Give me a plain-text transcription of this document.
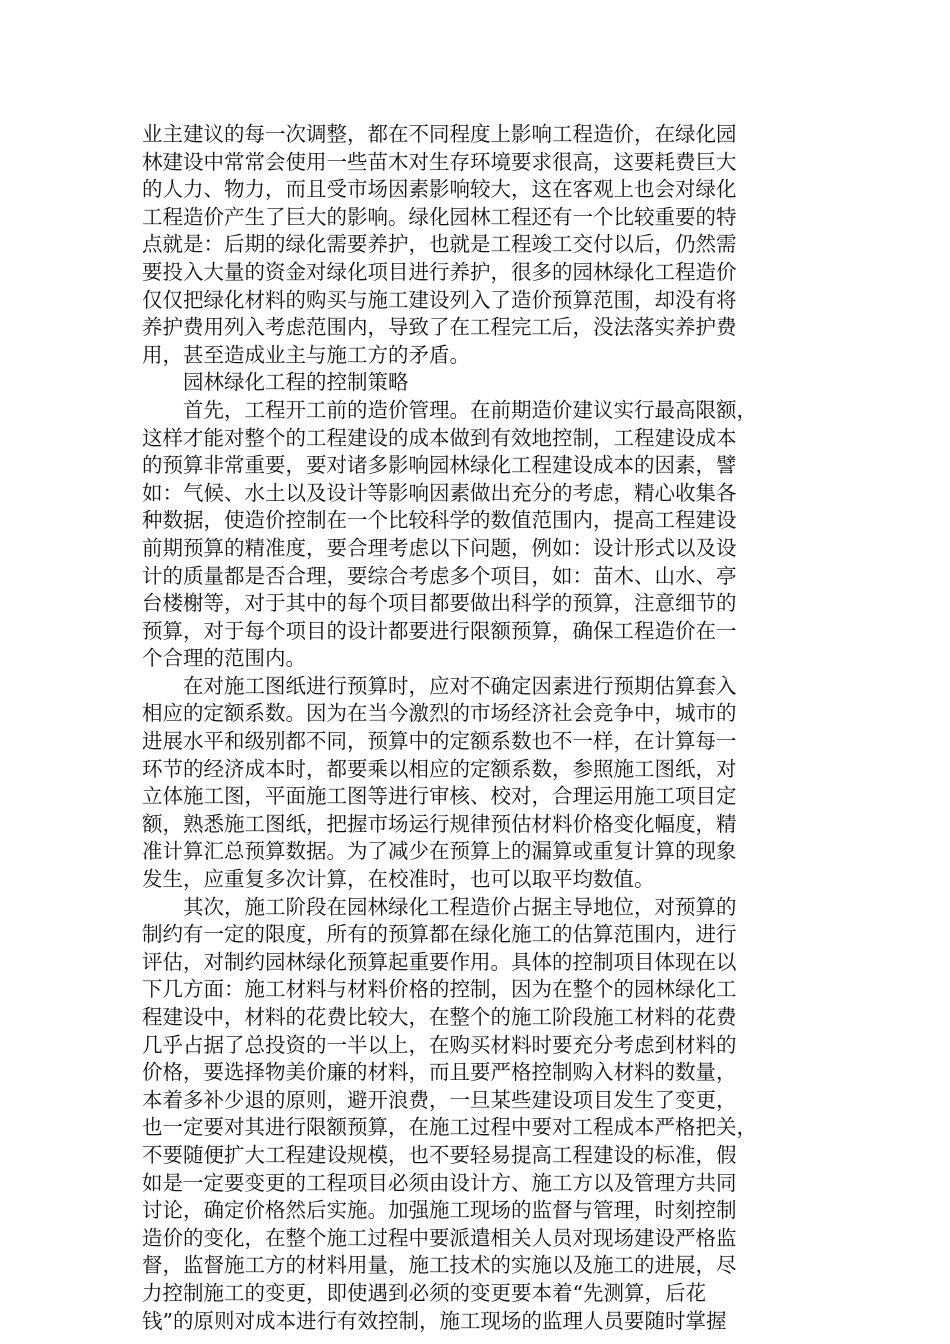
业主建议的每一次调整，都在不同程度上影响工程造价，在绿化园
林建设中常常会使用一些苗木对生存环境要求很高，这要耗费巨大
的人力、物力，而且受市场因素影响较大，这在客观上也会对绿化
工程造价产生了巨大的影响。绿化园林工程还有一个比较重要的特
点就是：后期的绿化需要养护，也就是工程竣工交付以后，仍然需
要投入大量的资金对绿化项目进行养护，很多的园林绿化工程造价
仅仅把绿化材料的购买与施工建设列入了造价预算范围，却没有将
养护费用列入考虑范围内，导致了在工程完工后，没法落实养护费
用，甚至造成业主与施工方的矛盾。
园林绿化工程的控制策略
首先，工程开工前的造价管理。在前期造价建议实行最高限额，
这样才能对整个的工程建设的成本做到有效地控制，工程建设成本
的预算非常重要，要对诸多影响园林绿化工程建设成本的因素，譬
如：气候、水土以及设计等影响因素做出充分的考虑，精心收集各
种数据，使造价控制在一个比较科学的数值范围内，提高工程建设
前期预算的精准度，要合理考虑以下问题，例如：设计形式以及设
计的质量都是否合理，要综合考虑多个项目，如：苗木、山水、亭
台楼榭等，对于其中的每个项目都要做出科学的预算，注意细节的
预算，对于每个项目的设计都要进行限额预算，确保工程造价在一
个合理的范围内。
在对施工图纸进行预算时，应对不确定因素进行预期估算套入
相应的定额系数。因为在当今激烈的市场经济社会竞争中，城市的
进展水平和级别都不同，预算中的定额系数也不一样，在计算每一
环节的经济成本时，都要乘以相应的定额系数，参照施工图纸，对
立体施工图，平面施工图等进行审核、校对，合理运用施工项目定
额，熟悉施工图纸，把握市场运行规律预估材料价格变化幅度，精
准计算汇总预算数据。为了减少在预算上的漏算或重复计算的现象
发生，应重复多次计算，在校准时，也可以取平均数值。
其次，施工阶段在园林绿化工程造价占据主导地位，对预算的
制约有一定的限度，所有的预算都在绿化施工的估算范围内，进行
评估，对制约园林绿化预算起重要作用。具体的控制项目体现在以
下几方面：施工材料与材料价格的控制，因为在整个的园林绿化工
程建设中，材料的花费比较大，在整个的施工阶段施工材料的花费
几乎占据了总投资的一半以上，在购买材料时要充分考虑到材料的
价格，要选择物美价廉的材料，而且要严格控制购入材料的数量，
本着多补少退的原则，避开浪费，一旦某些建设项目发生了变更，
也一定要对其进行限额预算，在施工过程中要对工程成本严格把关，
不要随便扩大工程建设规模，也不要轻易提高工程建设的标准，假
如是一定要变更的工程项目必须由设计方、施工方以及管理方共同
讨论，确定价格然后实施。加强施工现场的监督与管理，时刻控制
造价的变化，在整个施工过程中要派遣相关人员对现场建设严格监
督，监督施工方的材料用量，施工技术的实施以及施工的进展，尽
力控制施工的变更，即使遇到必须的变更要本着“先测算，后花
钱”的原则对成本进行有效控制，施工现场的监理人员要随时掌握
